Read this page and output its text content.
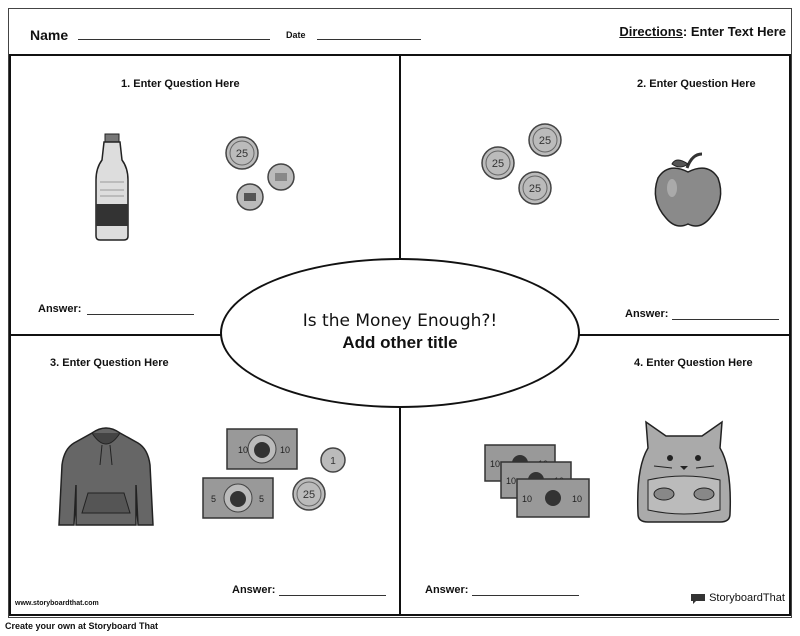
Name	Date	Directions: Enter Text Here
1. Enter Question Here
25
Answer:
2. Enter Question Here
25
25
25
Answer:
3. Enter Question Here
10	10
5	5
1
25
Answer:
4. Enter Question Here
10
10
10	10
Answer:
Is the Money Enough?!
Add other title
www.storyboardthat.com	StoryboardThat
Create your own at Storyboard That
